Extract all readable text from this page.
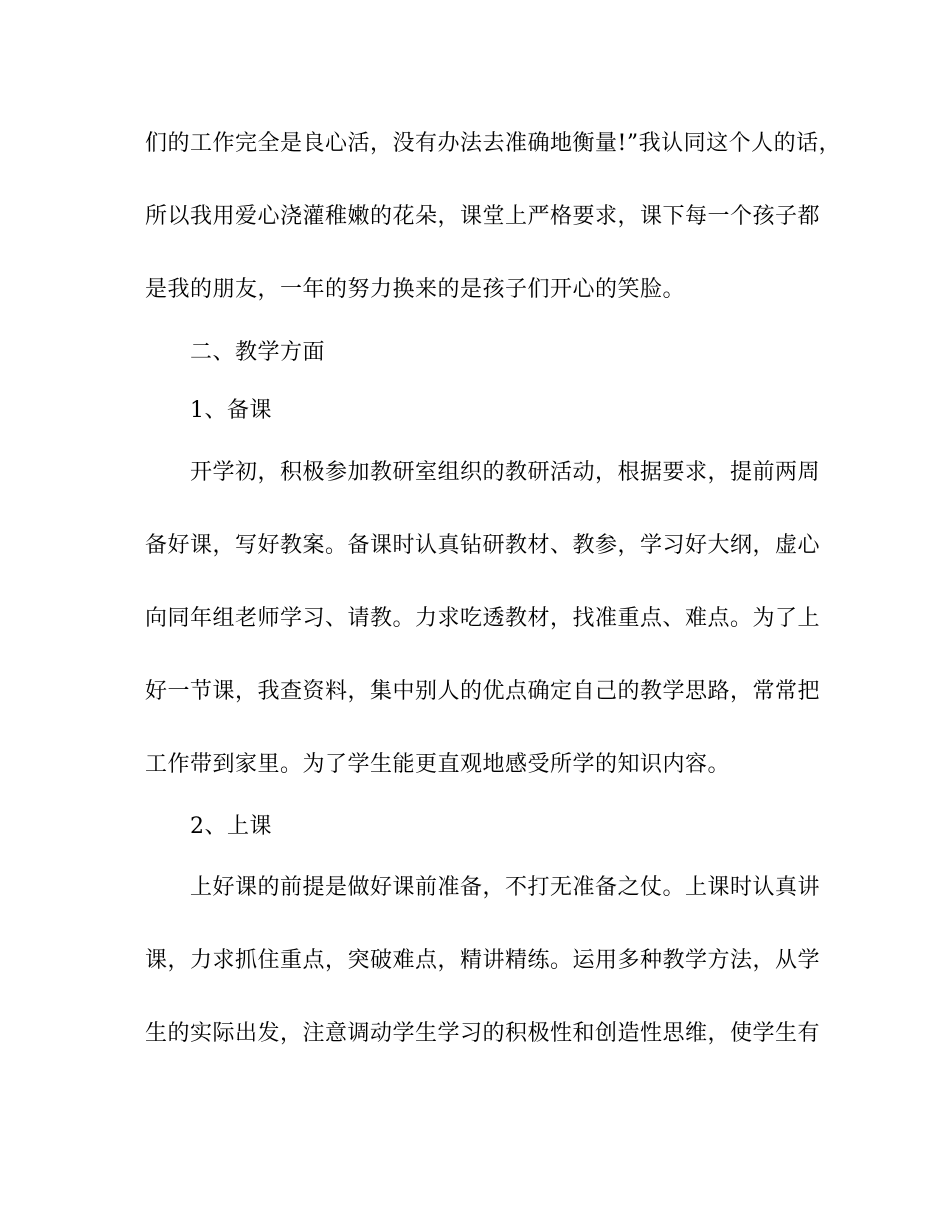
们的工作完全是良心活，没有办法去准确地衡量!”我认同这个人的话，
所以我用爱心浇灌稚嫩的花朵，课堂上严格要求，课下每一个孩子都
是我的朋友，一年的努力换来的是孩子们开心的笑脸。
二、教学方面
1、备课
开学初，积极参加教研室组织的教研活动，根据要求，提前两周
备好课，写好教案。备课时认真钻研教材、教参，学习好大纲，虚心
向同年组老师学习、请教。力求吃透教材，找准重点、难点。为了上
好一节课，我查资料，集中别人的优点确定自己的教学思路，常常把
工作带到家里。为了学生能更直观地感受所学的知识内容。
2、上课
上好课的前提是做好课前准备，不打无准备之仗。上课时认真讲
课，力求抓住重点，突破难点，精讲精练。运用多种教学方法，从学
生的实际出发，注意调动学生学习的积极性和创造性思维，使学生有
